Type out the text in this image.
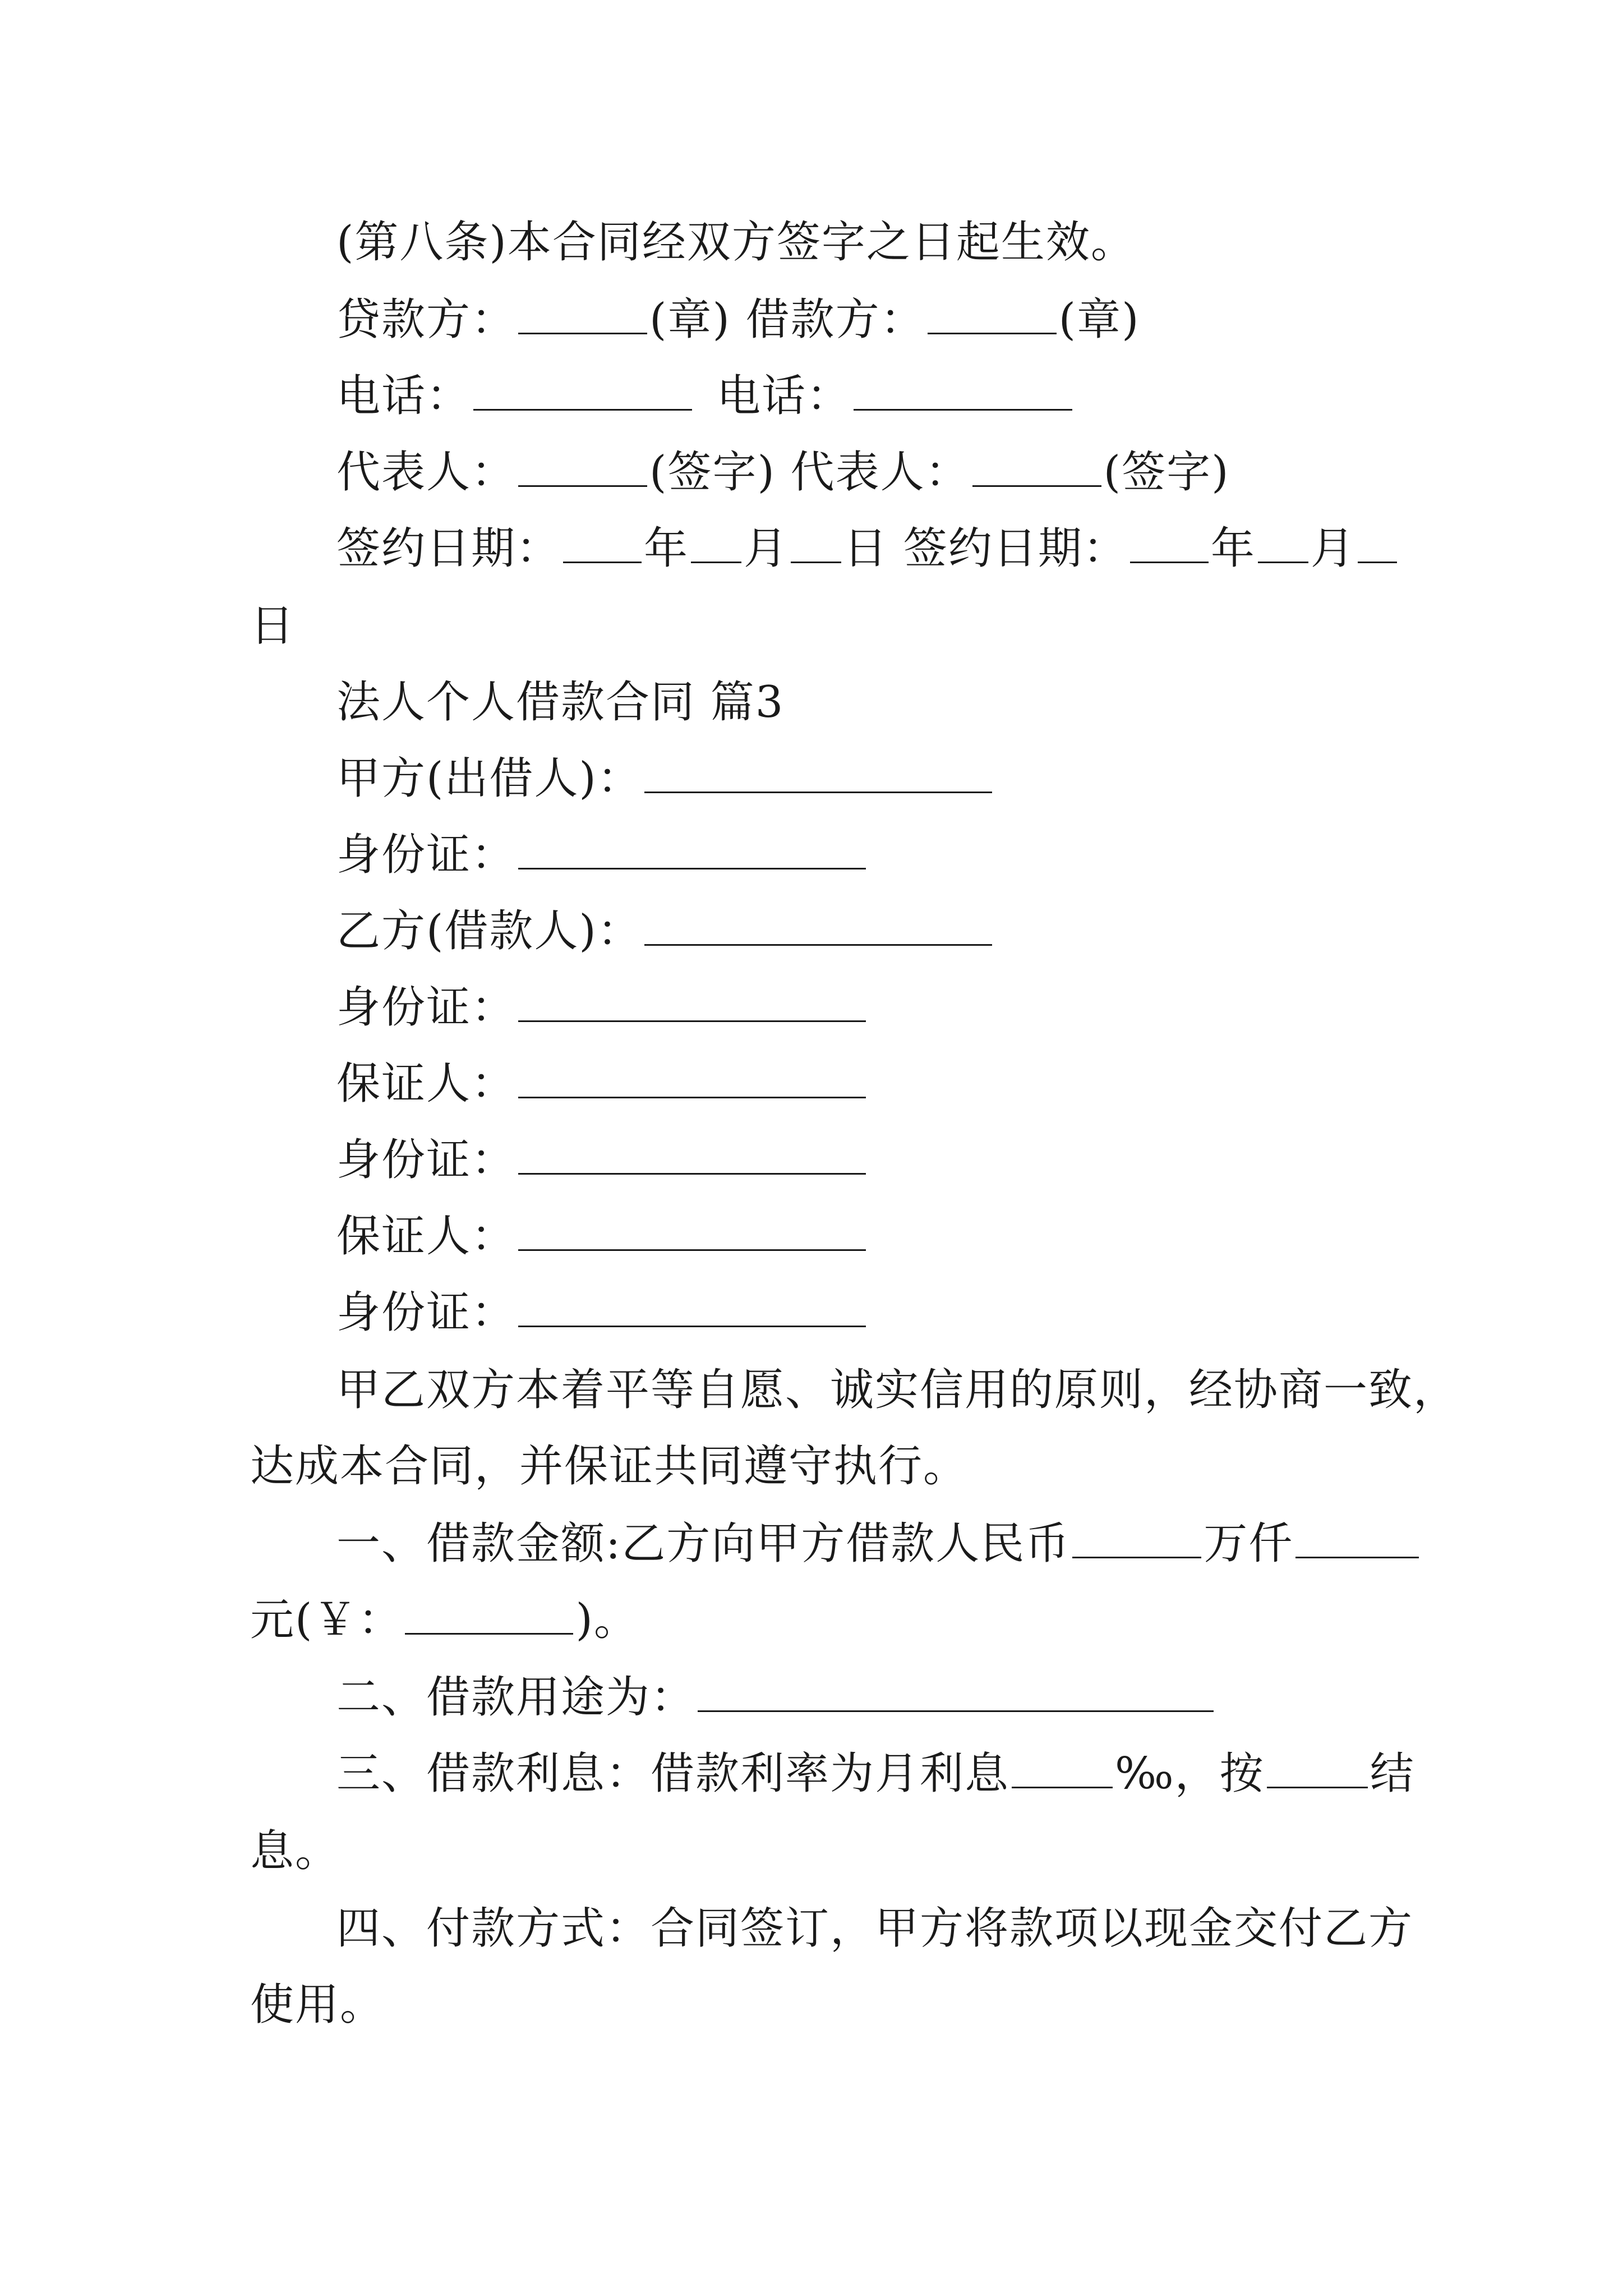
(第八条)本合同经双方签字之日起生效。
贷款方：	(章) 借款方：	(章)
电话：	电话：
代表人：	(签字) 代表人：	(签字)
签约日期： 年 月 日 签约日期： 年 月
日
法人个人借款合同 篇3
甲方(出借人)：
身份证：
乙方(借款人)：
身份证：
保证人：
身份证：
保证人：
身份证：
甲乙双方本着平等自愿、诚实信用的原则，经协商一致，
达成本合同，并保证共同遵守执行。
一、借款金额:乙方向甲方借款人民币	万仟
元(￥：	)。
二、借款用途为：
三、借款利息：借款利率为月利息 ‰，按 结
息。
四、付款方式：合同签订，甲方将款项以现金交付乙方
使用。
